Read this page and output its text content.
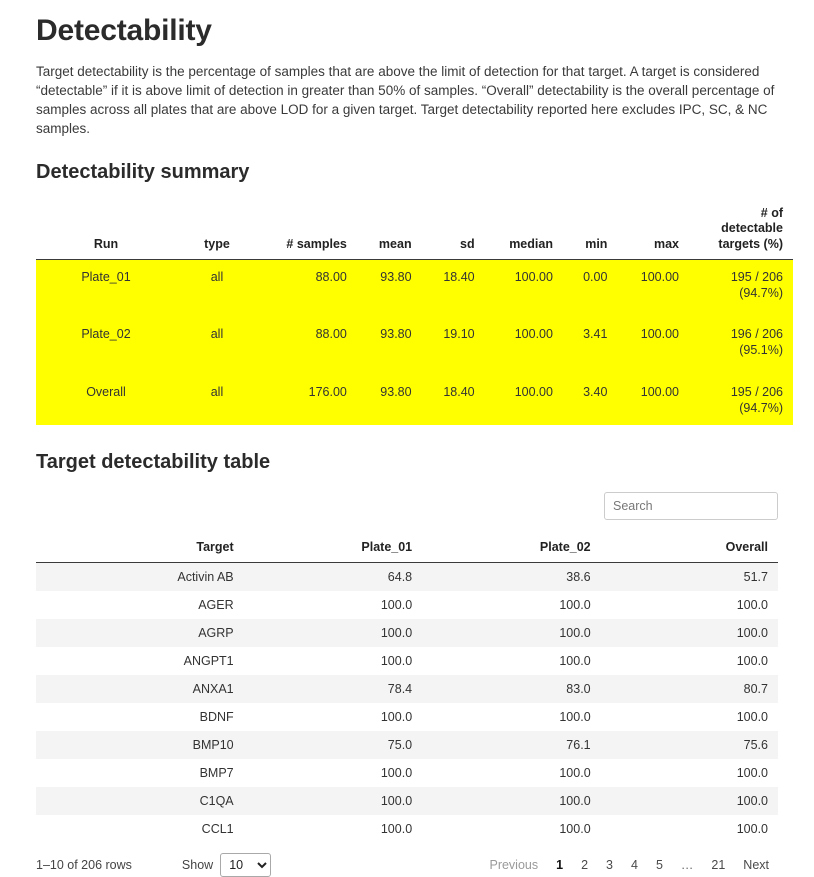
Detectability

Target detectability is the percentage of samples that are above the limit of detection for that target. A target is considered “detectable” if it is above limit of detection in greater than 50% of samples. “Overall” detectability is the overall percentage of samples across all plates that are above LOD for a given target. Target detectability reported here excludes IPC, SC, & NC samples.

Detectability summary
Run	type	# samples	mean	sd	median	min	max	# of
detectable
targets (%)

Plate_01	all	88.00	93.80	18.40	100.00	0.00	100.00	195 / 206
(94.7%)

Plate_02	all	88.00	93.80	19.10	100.00	3.41	100.00	196 / 206
(95.1%)

Overall	all	176.00	93.80	18.40	100.00	3.40	100.00	195 / 206
(94.7%)
Target detectability table
Search
Target	Plate_01	Plate_02	Overall
Activin AB	64.8	38.6	51.7
AGER	100.0	100.0	100.0
AGRP	100.0	100.0	100.0
ANGPT1	100.0	100.0	100.0
ANXA1	78.4	83.0	80.7
BDNF	100.0	100.0	100.0
BMP10	75.0	76.1	75.6
BMP7	100.0	100.0	100.0
C1QA	100.0	100.0	100.0
CCL1	100.0	100.0	100.0
1–10 of 206 rows	Show
10	Previous	1	2	3	4	5	…	21	Next
